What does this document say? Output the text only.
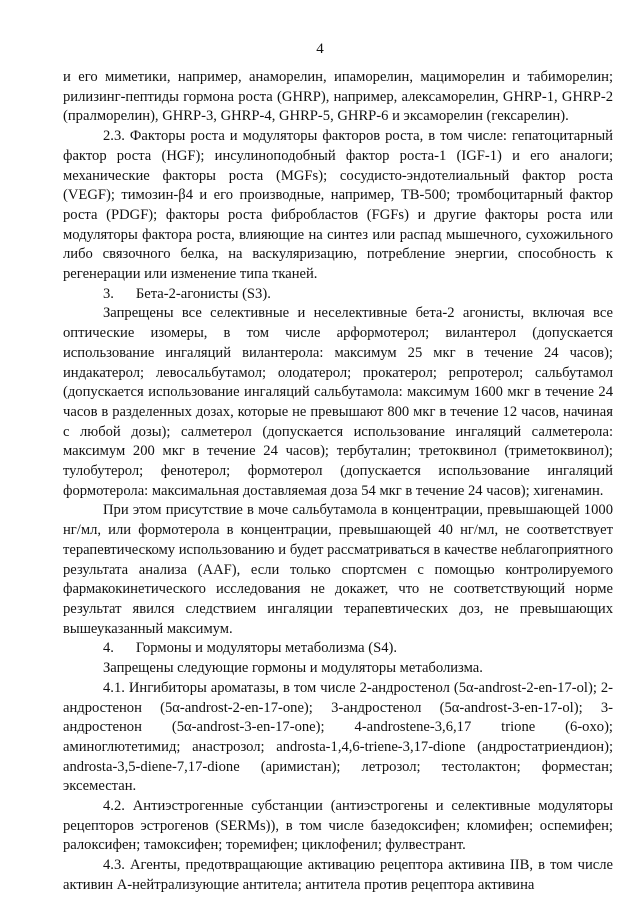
4

и его миметики, например, анаморелин, ипаморелин, мациморелин и табиморелин; рилизинг-пептиды гормона роста (GHRP), например, алексаморелин, GHRP-1, GHRP-2 (пралморелин), GHRP-3, GHRP-4, GHRP-5, GHRP-6 и эксаморелин (гексарелин).

2.3. Факторы роста и модуляторы факторов роста, в том числе: гепатоцитарный фактор роста (HGF); инсулиноподобный фактор роста-1 (IGF-1) и его аналоги; механические факторы роста (MGFs); сосудисто-эндотелиальный фактор роста (VEGF); тимозин-β4 и его производные, например, TB-500; тромбоцитарный фактор роста (PDGF); факторы роста фибробластов (FGFs) и другие факторы роста или модуляторы фактора роста, влияющие на синтез или распад мышечного, сухожильного либо связочного белка, на васкуляризацию, потребление энергии, способность к регенерации или изменение типа тканей.

3.      Бета-2-агонисты (S3).

Запрещены все селективные и неселективные бета-2 агонисты, включая все оптические изомеры, в том числе арформотерол; вилантерол (допускается использование ингаляций вилантерола: максимум 25 мкг в течение 24 часов); индакатерол; левосальбутамол; олодатерол; прокатерол; репротерол; сальбутамол (допускается использование ингаляций сальбутамола: максимум 1600 мкг в течение 24 часов в разделенных дозах, которые не превышают 800 мкг в течение 12 часов, начиная с любой дозы); салметерол (допускается использование ингаляций салметерола: максимум 200 мкг в течение 24 часов); тербуталин; третоквинол (триметоквинол); тулобутерол; фенотерол; формотерол (допускается использование ингаляций формотерола: максимальная доставляемая доза 54 мкг в течение 24 часов); хигенамин.

При этом присутствие в моче сальбутамола в концентрации, превышающей 1000 нг/мл, или формотерола в концентрации, превышающей 40 нг/мл, не соответствует терапевтическому использованию и будет рассматриваться в качестве неблагоприятного результата анализа (AAF), если только спортсмен с помощью контролируемого фармакокинетического исследования не докажет, что не соответствующий норме результат явился следствием ингаляции терапевтических доз, не превышающих вышеуказанный максимум.

4.      Гормоны и модуляторы метаболизма (S4).

Запрещены следующие гормоны и модуляторы метаболизма.

4.1. Ингибиторы ароматазы, в том числе 2-андростенол (5α-androst-2-en-17-ol); 2-андростенон (5α-androst-2-en-17-one); 3-андростенол (5α-androst-3-en-17-ol); 3-андростенон (5α-androst-3-en-17-one); 4-androstene-3,6,17 trione (6-oxo); аминоглютетимид; анастрозол; androsta-1,4,6-triene-3,17-dione (андростатриендион); androsta-3,5-diene-7,17-dione (аримистан); летрозол; тестолактон; форместан; эксеместан.

4.2. Антиэстрогенные субстанции (антиэстрогены и селективные модуляторы рецепторов эстрогенов (SERMs)), в том числе базедоксифен; кломифен; оспемифен; ралоксифен; тамоксифен; торемифен; циклофенил; фулвестрант.

4.3. Агенты, предотвращающие активацию рецептора активина IIB, в том числе активин А-нейтрализующие антитела; антитела против рецептора активина
